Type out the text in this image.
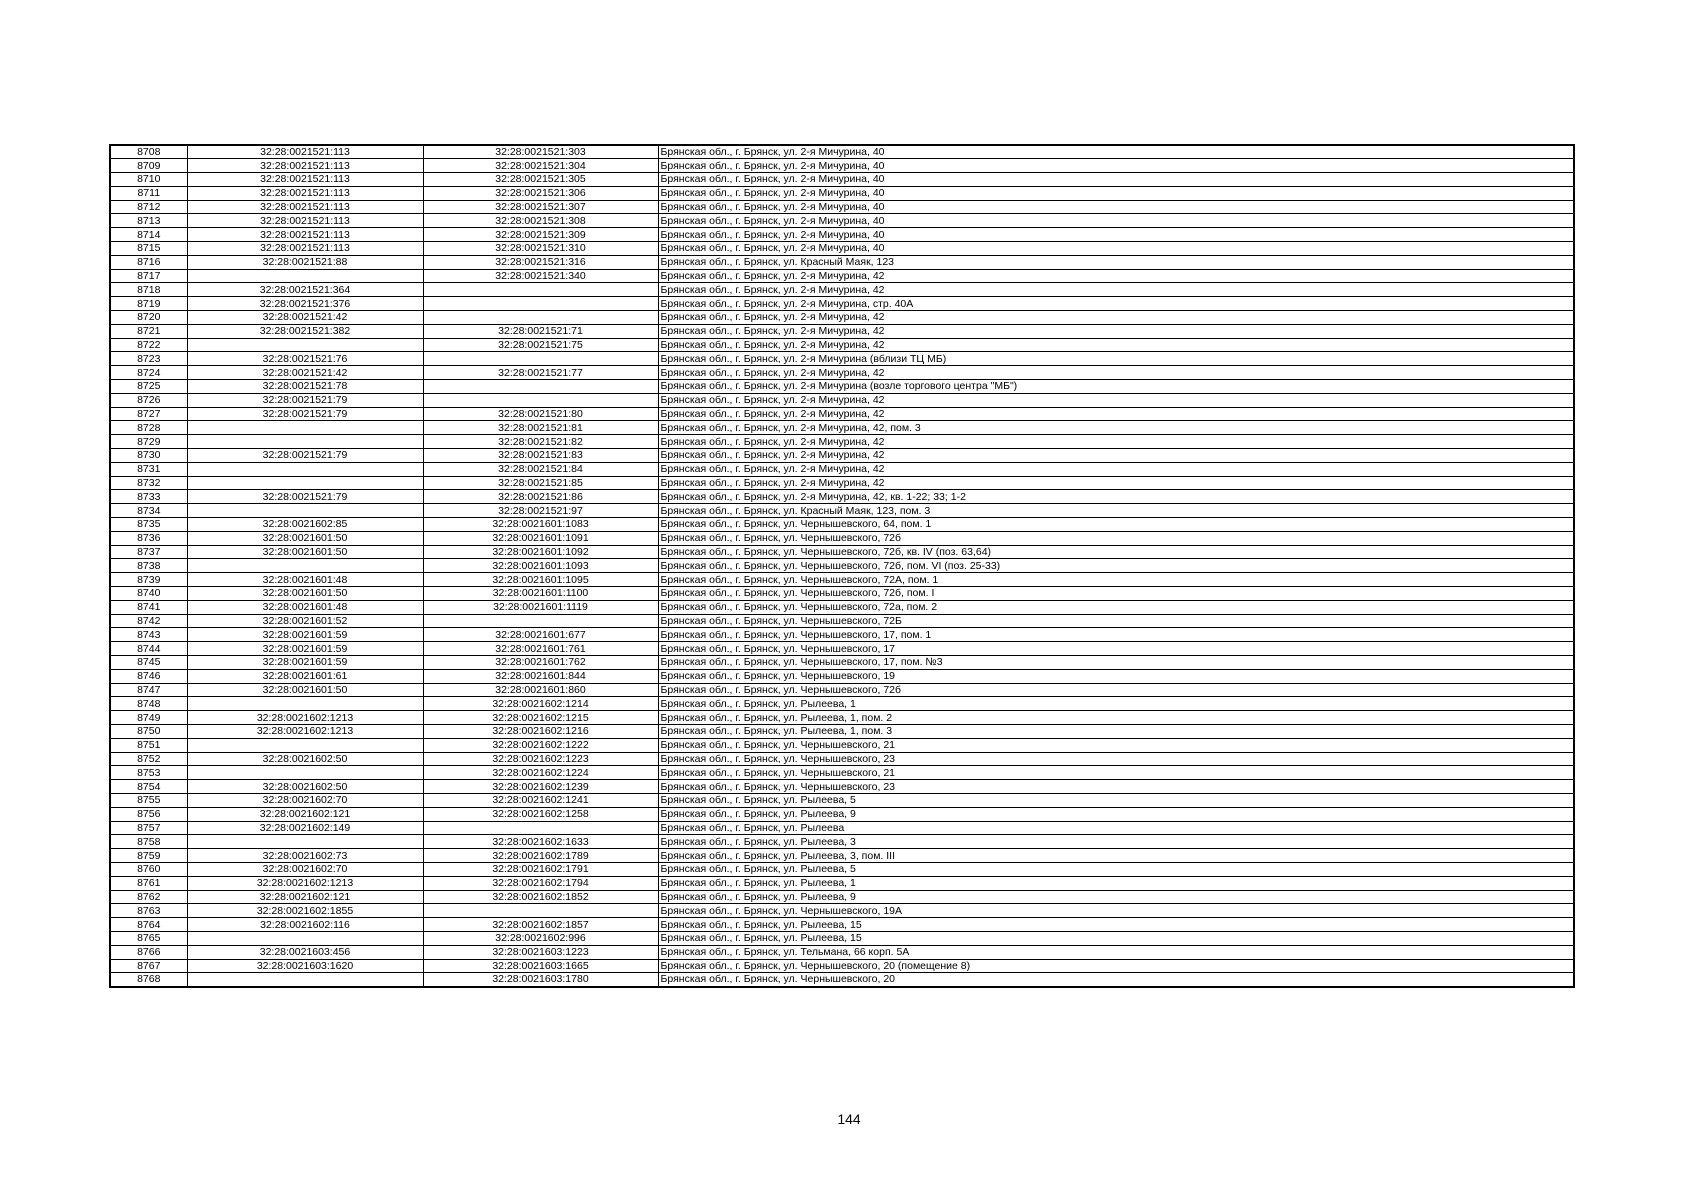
8708	32:28:0021521:113	32:28:0021521:303	Брянская обл., г. Брянск, ул. 2-я Мичурина, 40
8709	32:28:0021521:113	32:28:0021521:304	Брянская обл., г. Брянск, ул. 2-я Мичурина, 40
8710	32:28:0021521:113	32:28:0021521:305	Брянская обл., г. Брянск, ул. 2-я Мичурина, 40
8711	32:28:0021521:113	32:28:0021521:306	Брянская обл., г. Брянск, ул. 2-я Мичурина, 40
8712	32:28:0021521:113	32:28:0021521:307	Брянская обл., г. Брянск, ул. 2-я Мичурина, 40
8713	32:28:0021521:113	32:28:0021521:308	Брянская обл., г. Брянск, ул. 2-я Мичурина, 40
8714	32:28:0021521:113	32:28:0021521:309	Брянская обл., г. Брянск, ул. 2-я Мичурина, 40
8715	32:28:0021521:113	32:28:0021521:310	Брянская обл., г. Брянск, ул. 2-я Мичурина, 40
8716	32:28:0021521:88	32:28:0021521:316	Брянская обл., г. Брянск, ул. Красный Маяк, 123
8717		32:28:0021521:340	Брянская обл., г. Брянск, ул. 2-я Мичурина, 42
8718	32:28:0021521:364		Брянская обл., г. Брянск, ул. 2-я Мичурина, 42
8719	32:28:0021521:376		Брянская обл., г. Брянск, ул. 2-я Мичурина, стр. 40А
8720	32:28:0021521:42		Брянская обл., г. Брянск, ул. 2-я Мичурина, 42
8721	32:28:0021521:382	32:28:0021521:71	Брянская обл., г. Брянск, ул. 2-я Мичурина, 42
8722		32:28:0021521:75	Брянская обл., г. Брянск, ул. 2-я Мичурина, 42
8723	32:28:0021521:76		Брянская обл., г. Брянск, ул. 2-я Мичурина (вблизи ТЦ МБ)
8724	32:28:0021521:42	32:28:0021521:77	Брянская обл., г. Брянск, ул. 2-я Мичурина, 42
8725	32:28:0021521:78		Брянская обл., г. Брянск, ул. 2-я Мичурина (возле торгового центра "МБ")
8726	32:28:0021521:79		Брянская обл., г. Брянск, ул. 2-я Мичурина, 42
8727	32:28:0021521:79	32:28:0021521:80	Брянская обл., г. Брянск, ул. 2-я Мичурина, 42
8728		32:28:0021521:81	Брянская обл., г. Брянск, ул. 2-я Мичурина, 42, пом. 3
8729		32:28:0021521:82	Брянская обл., г. Брянск, ул. 2-я Мичурина, 42
8730	32:28:0021521:79	32:28:0021521:83	Брянская обл., г. Брянск, ул. 2-я Мичурина, 42
8731		32:28:0021521:84	Брянская обл., г. Брянск, ул. 2-я Мичурина, 42
8732		32:28:0021521:85	Брянская обл., г. Брянск, ул. 2-я Мичурина, 42
8733	32:28:0021521:79	32:28:0021521:86	Брянская обл., г. Брянск, ул. 2-я Мичурина, 42, кв. 1-22; 33; 1-2
8734		32:28:0021521:97	Брянская обл., г. Брянск, ул. Красный Маяк, 123, пом. 3
8735	32:28:0021602:85	32:28:0021601:1083	Брянская обл., г. Брянск, ул. Чернышевского, 64, пом. 1
8736	32:28:0021601:50	32:28:0021601:1091	Брянская обл., г. Брянск, ул. Чернышевского, 72б
8737	32:28:0021601:50	32:28:0021601:1092	Брянская обл., г. Брянск, ул. Чернышевского, 72б, кв. IV (поз. 63,64)
8738		32:28:0021601:1093	Брянская обл., г. Брянск, ул. Чернышевского, 72б, пом. VI (поз. 25-33)
8739	32:28:0021601:48	32:28:0021601:1095	Брянская обл., г. Брянск, ул. Чернышевского, 72А, пом. 1
8740	32:28:0021601:50	32:28:0021601:1100	Брянская обл., г. Брянск, ул. Чернышевского, 72б, пом. I
8741	32:28:0021601:48	32:28:0021601:1119	Брянская обл., г. Брянск, ул. Чернышевского, 72а, пом. 2
8742	32:28:0021601:52		Брянская обл., г. Брянск, ул. Чернышевского, 72Б
8743	32:28:0021601:59	32:28:0021601:677	Брянская обл., г. Брянск, ул. Чернышевского, 17, пом. 1
8744	32:28:0021601:59	32:28:0021601:761	Брянская обл., г. Брянск, ул. Чернышевского, 17
8745	32:28:0021601:59	32:28:0021601:762	Брянская обл., г. Брянск, ул. Чернышевского, 17, пом. №3
8746	32:28:0021601:61	32:28:0021601:844	Брянская обл., г. Брянск, ул. Чернышевского, 19
8747	32:28:0021601:50	32:28:0021601:860	Брянская обл., г. Брянск, ул. Чернышевского, 72б
8748		32:28:0021602:1214	Брянская обл., г. Брянск, ул. Рылеева, 1
8749	32:28:0021602:1213	32:28:0021602:1215	Брянская обл., г. Брянск, ул. Рылеева, 1, пом. 2
8750	32:28:0021602:1213	32:28:0021602:1216	Брянская обл., г. Брянск, ул. Рылеева, 1, пом. 3
8751		32:28:0021602:1222	Брянская обл., г. Брянск, ул. Чернышевского, 21
8752	32:28:0021602:50	32:28:0021602:1223	Брянская обл., г. Брянск, ул. Чернышевского, 23
8753		32:28:0021602:1224	Брянская обл., г. Брянск, ул. Чернышевского, 21
8754	32:28:0021602:50	32:28:0021602:1239	Брянская обл., г. Брянск, ул. Чернышевского, 23
8755	32:28:0021602:70	32:28:0021602:1241	Брянская обл., г. Брянск, ул. Рылеева, 5
8756	32:28:0021602:121	32:28:0021602:1258	Брянская обл., г. Брянск, ул. Рылеева, 9
8757	32:28:0021602:149		Брянская обл., г. Брянск, ул. Рылеева
8758		32:28:0021602:1633	Брянская обл., г. Брянск, ул. Рылеева, 3
8759	32:28:0021602:73	32:28:0021602:1789	Брянская обл., г. Брянск, ул. Рылеева, 3, пом. III
8760	32:28:0021602:70	32:28:0021602:1791	Брянская обл., г. Брянск, ул. Рылеева, 5
8761	32:28:0021602:1213	32:28:0021602:1794	Брянская обл., г. Брянск, ул. Рылеева, 1
8762	32:28:0021602:121	32:28:0021602:1852	Брянская обл., г. Брянск, ул. Рылеева, 9
8763	32:28:0021602:1855		Брянская обл., г. Брянск, ул. Чернышевского, 19А
8764	32:28:0021602:116	32:28:0021602:1857	Брянская обл., г. Брянск, ул. Рылеева, 15
8765		32:28:0021602:996	Брянская обл., г. Брянск, ул. Рылеева, 15
8766	32:28:0021603:456	32:28:0021603:1223	Брянская обл., г. Брянск, ул. Тельмана, 66 корп. 5А
8767	32:28:0021603:1620	32:28:0021603:1665	Брянская обл., г. Брянск, ул. Чернышевского, 20 (помещение 8)
8768		32:28:0021603:1780	Брянская обл., г. Брянск, ул. Чернышевского, 20
144
